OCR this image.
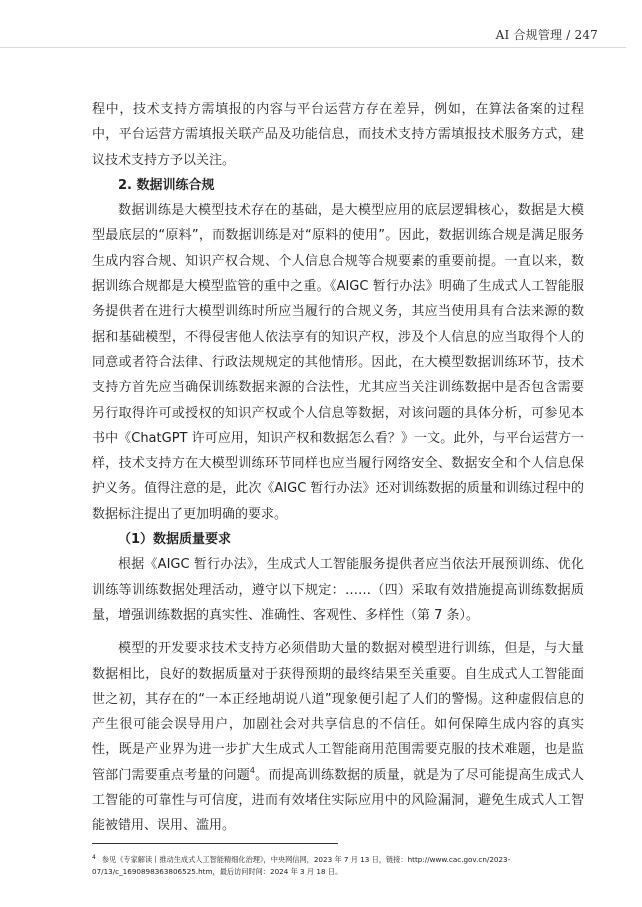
AI 合规管理 / 247

程中，技术支持方需填报的内容与平台运营方存在差异，例如，在算法备案的过程中，平台运营方需填报关联产品及功能信息，而技术支持方需填报技术服务方式，建议技术支持方予以关注。

2. 数据训练合规

数据训练是大模型技术存在的基础，是大模型应用的底层逻辑核心，数据是大模型最底层的“原料”，而数据训练是对“原料的使用”。因此，数据训练合规是满足服务生成内容合规、知识产权合规、个人信息合规等合规要素的重要前提。一直以来，数据训练合规都是大模型监管的重中之重。《AIGC 暂行办法》明确了生成式人工智能服务提供者在进行大模型训练时所应当履行的合规义务，其应当使用具有合法来源的数据和基础模型，不得侵害他人依法享有的知识产权，涉及个人信息的应当取得个人的同意或者符合法律、行政法规规定的其他情形。因此，在大模型数据训练环节，技术支持方首先应当确保训练数据来源的合法性，尤其应当关注训练数据中是否包含需要另行取得许可或授权的知识产权或个人信息等数据，对该问题的具体分析，可参见本书中《ChatGPT 许可应用，知识产权和数据怎么看？》一文。此外，与平台运营方一样，技术支持方在大模型训练环节同样也应当履行网络安全、数据安全和个人信息保护义务。值得注意的是，此次《AIGC 暂行办法》还对训练数据的质量和训练过程中的数据标注提出了更加明确的要求。

（1）数据质量要求

根据《AIGC 暂行办法》，生成式人工智能服务提供者应当依法开展预训练、优化训练等训练数据处理活动，遵守以下规定：……（四）采取有效措施提高训练数据质量，增强训练数据的真实性、准确性、客观性、多样性（第 7 条）。

模型的开发要求技术支持方必须借助大量的数据对模型进行训练，但是，与大量数据相比，良好的数据质量对于获得预期的最终结果至关重要。自生成式人工智能面世之初，其存在的“一本正经地胡说八道”现象便引起了人们的警惕。这种虚假信息的产生很可能会误导用户，加剧社会对共享信息的不信任。如何保障生成内容的真实性，既是产业界为进一步扩大生成式人工智能商用范围需要克服的技术难题，也是监管部门需要重点考量的问题$^4$。而提高训练数据的质量，就是为了尽可能提高生成式人工智能的可靠性与可信度，进而有效堵住实际应用中的风险漏洞，避免生成式人工智能被错用、误用、滥用。

$^4$ 参见《专家解读丨推动生成式人工智能精细化治理》，中央网信网，2023 年 7 月 13 日，链接：http://www.cac.gov.cn/2023-07/13/c_1690898363806525.htm，最后访问时间：2024 年 3 月 18 日。
